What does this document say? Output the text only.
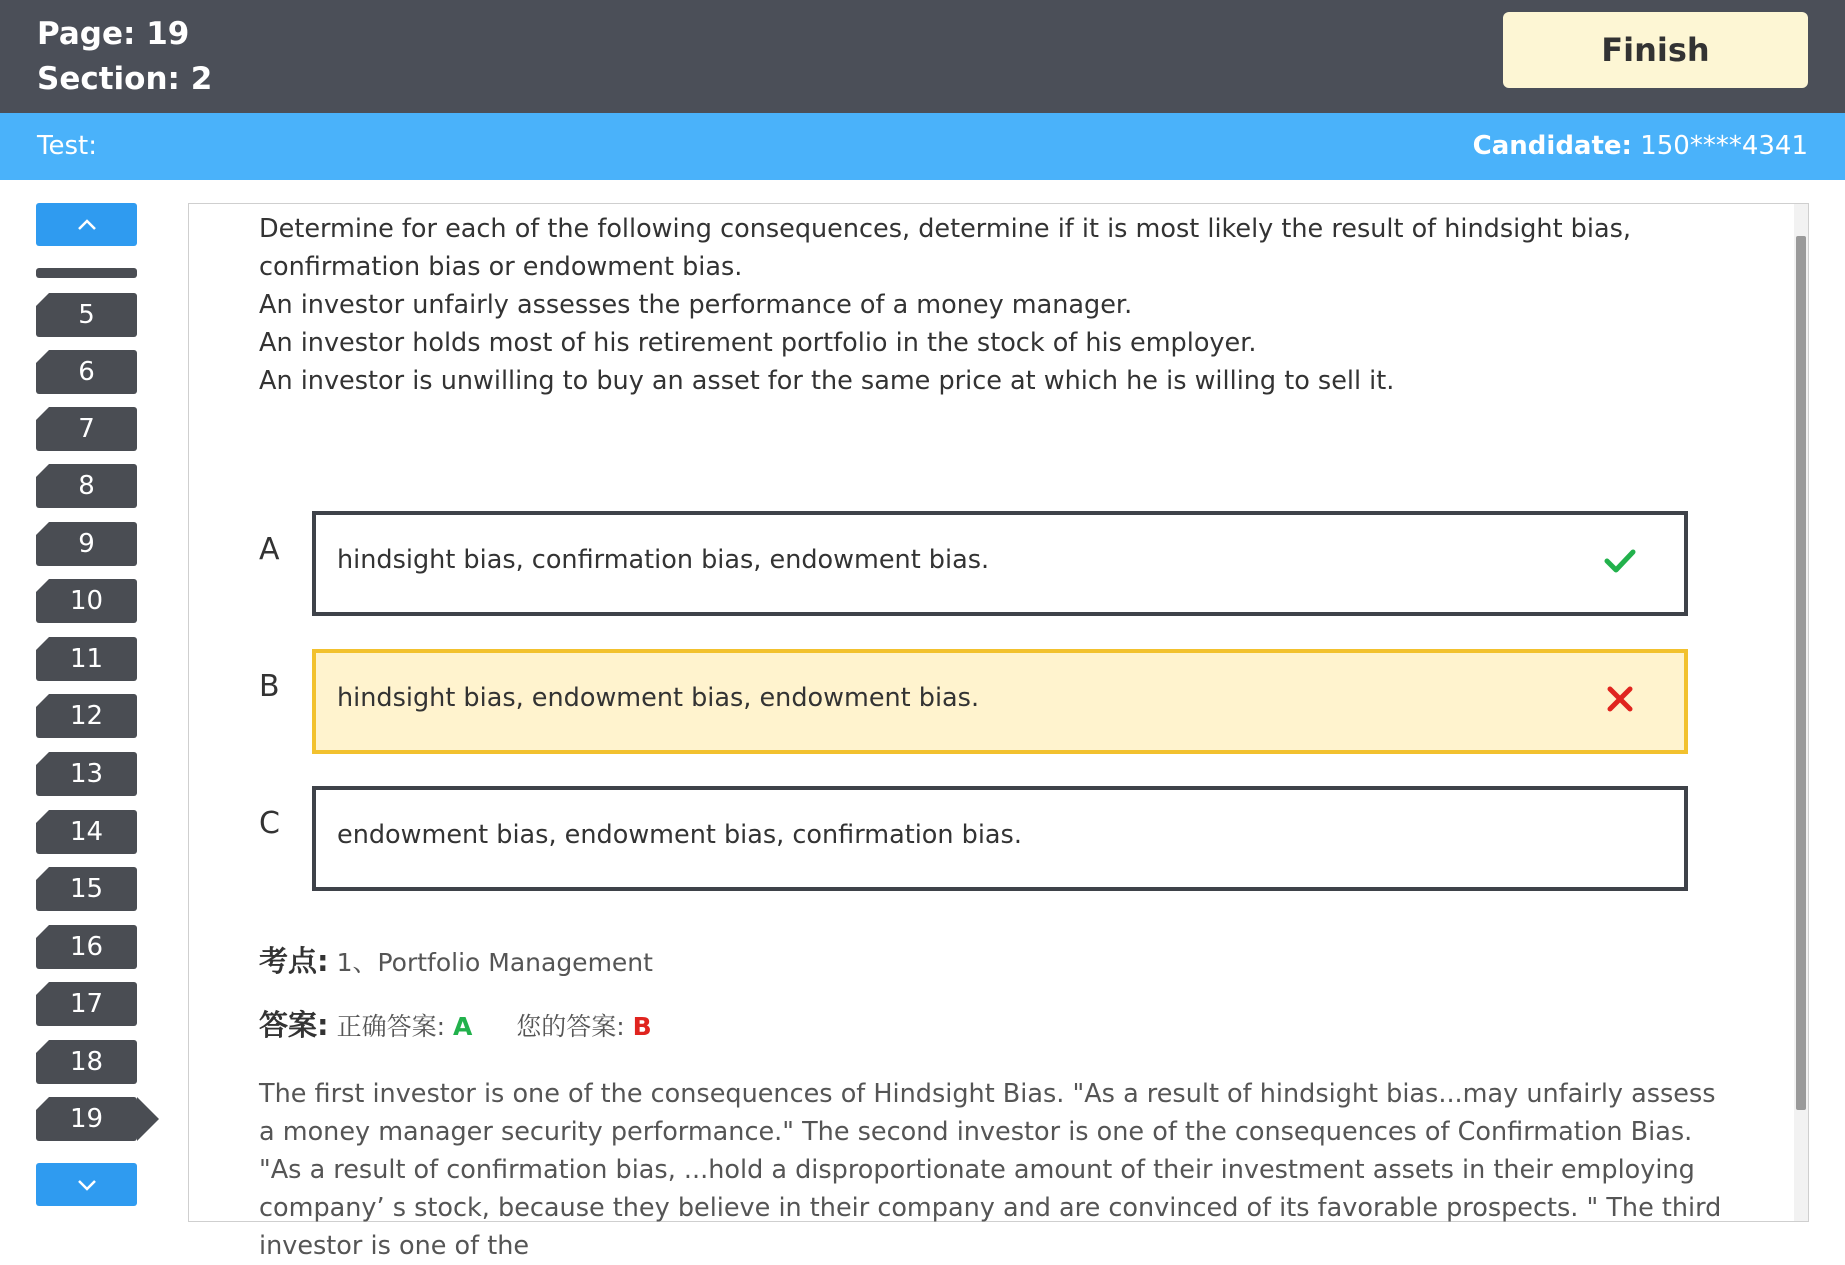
Page: 19
Section: 2
Finish
Test:	Candidate: 150****4341
5
6
7
8
9
10
11
12
13
14
15
16
17
18
19

Determine for each of the following consequences, determine if it is most likely the result of hindsight bias, confirmation bias or endowment bias.

An investor unfairly assesses the performance of a money manager.

An investor holds most of his retirement portfolio in the stock of his employer.

An investor is unwilling to buy an asset for the same price at which he is willing to sell it.

A hindsight bias, confirmation bias, endowment bias.
B hindsight bias, endowment bias, endowment bias.
C endowment bias, endowment bias, confirmation bias.
考点: 1、Portfolio Management
答案: 正确答案: A 您的答案: B
The first investor is one of the consequences of Hindsight Bias. "As a result of hindsight bias...may unfairly assess a money manager security performance." The second investor is one of the consequences of Confirmation Bias. "As a result of confirmation bias, ...hold a disproportionate amount of their investment assets in their employing company’ s stock, because they believe in their company and are convinced of its favorable prospects. " The third investor is one of the
